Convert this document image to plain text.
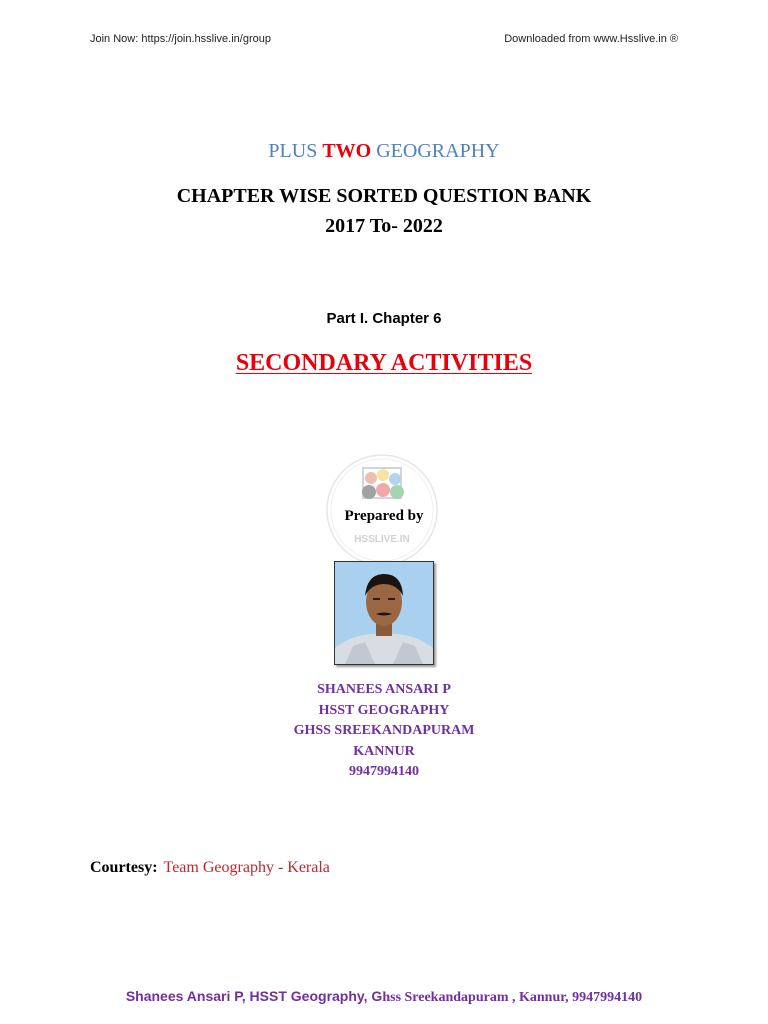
Join Now: https://join.hsslive.in/group	Downloaded from www.Hsslive.in ®
PLUS TWO GEOGRAPHY
CHAPTER WISE SORTED QUESTION BANK
2017 To- 2022
Part I. Chapter 6
SECONDARY ACTIVITIES
HSSLIVE.IN
Prepared by
SHANEES ANSARI P
HSST GEOGRAPHY
GHSS SREEKANDAPURAM
KANNUR
9947994140
Courtesy: Team Geography - Kerala
Shanees Ansari P, HSST Geography, Ghss Sreekandapuram , Kannur, 9947994140
